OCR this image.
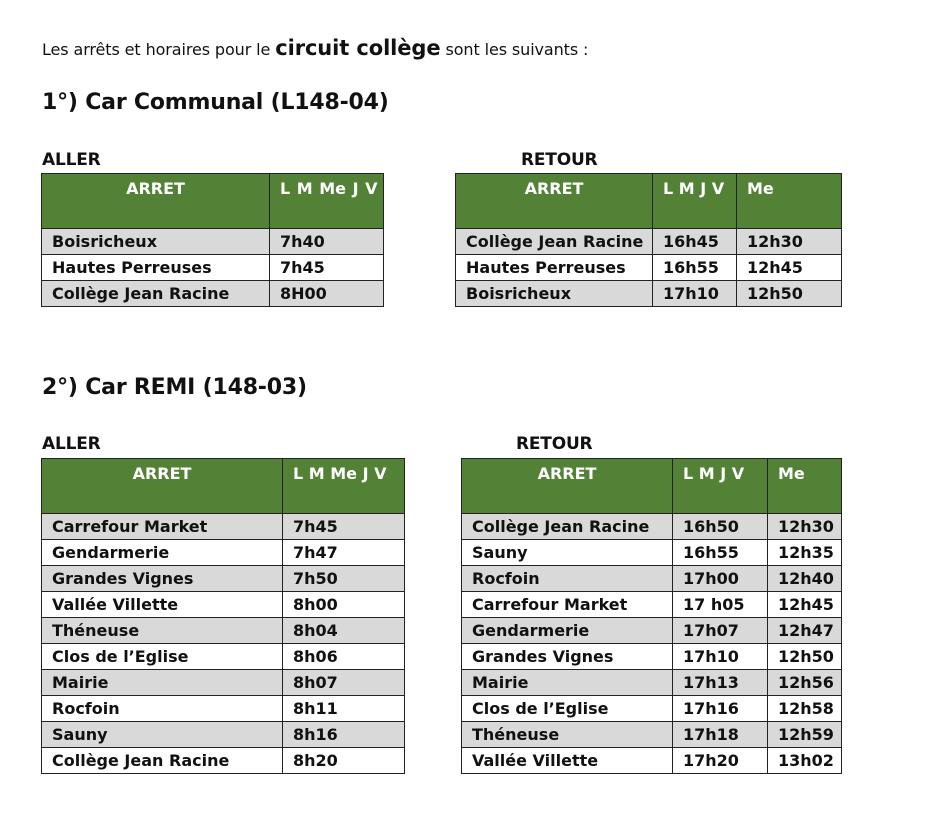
Les arrêts et horaires pour le circuit collège sont les suivants :
1°) Car Communal (L148-04)
ALLER	RETOUR
ARRET	L M Me J V
Boisricheux	7h40
Hautes Perreuses	7h45
Collège Jean Racine	8H00
ARRET	L M J V	Me
Collège Jean Racine	16h45	12h30
Hautes Perreuses	16h55	12h45
Boisricheux	17h10	12h50
2°) Car REMI (148-03)
ALLER	RETOUR
ARRET	L M Me J V
Carrefour Market	7h45
Gendarmerie	7h47
Grandes Vignes	7h50
Vallée Villette	8h00
Théneuse	8h04
Clos de l’Eglise	8h06
Mairie	8h07
Rocfoin	8h11
Sauny	8h16
Collège Jean Racine	8h20
ARRET	L M J V	Me
Collège Jean Racine	16h50	12h30
Sauny	16h55	12h35
Rocfoin	17h00	12h40
Carrefour Market	17 h05	12h45
Gendarmerie	17h07	12h47
Grandes Vignes	17h10	12h50
Mairie	17h13	12h56
Clos de l’Eglise	17h16	12h58
Théneuse	17h18	12h59
Vallée Villette	17h20	13h02
